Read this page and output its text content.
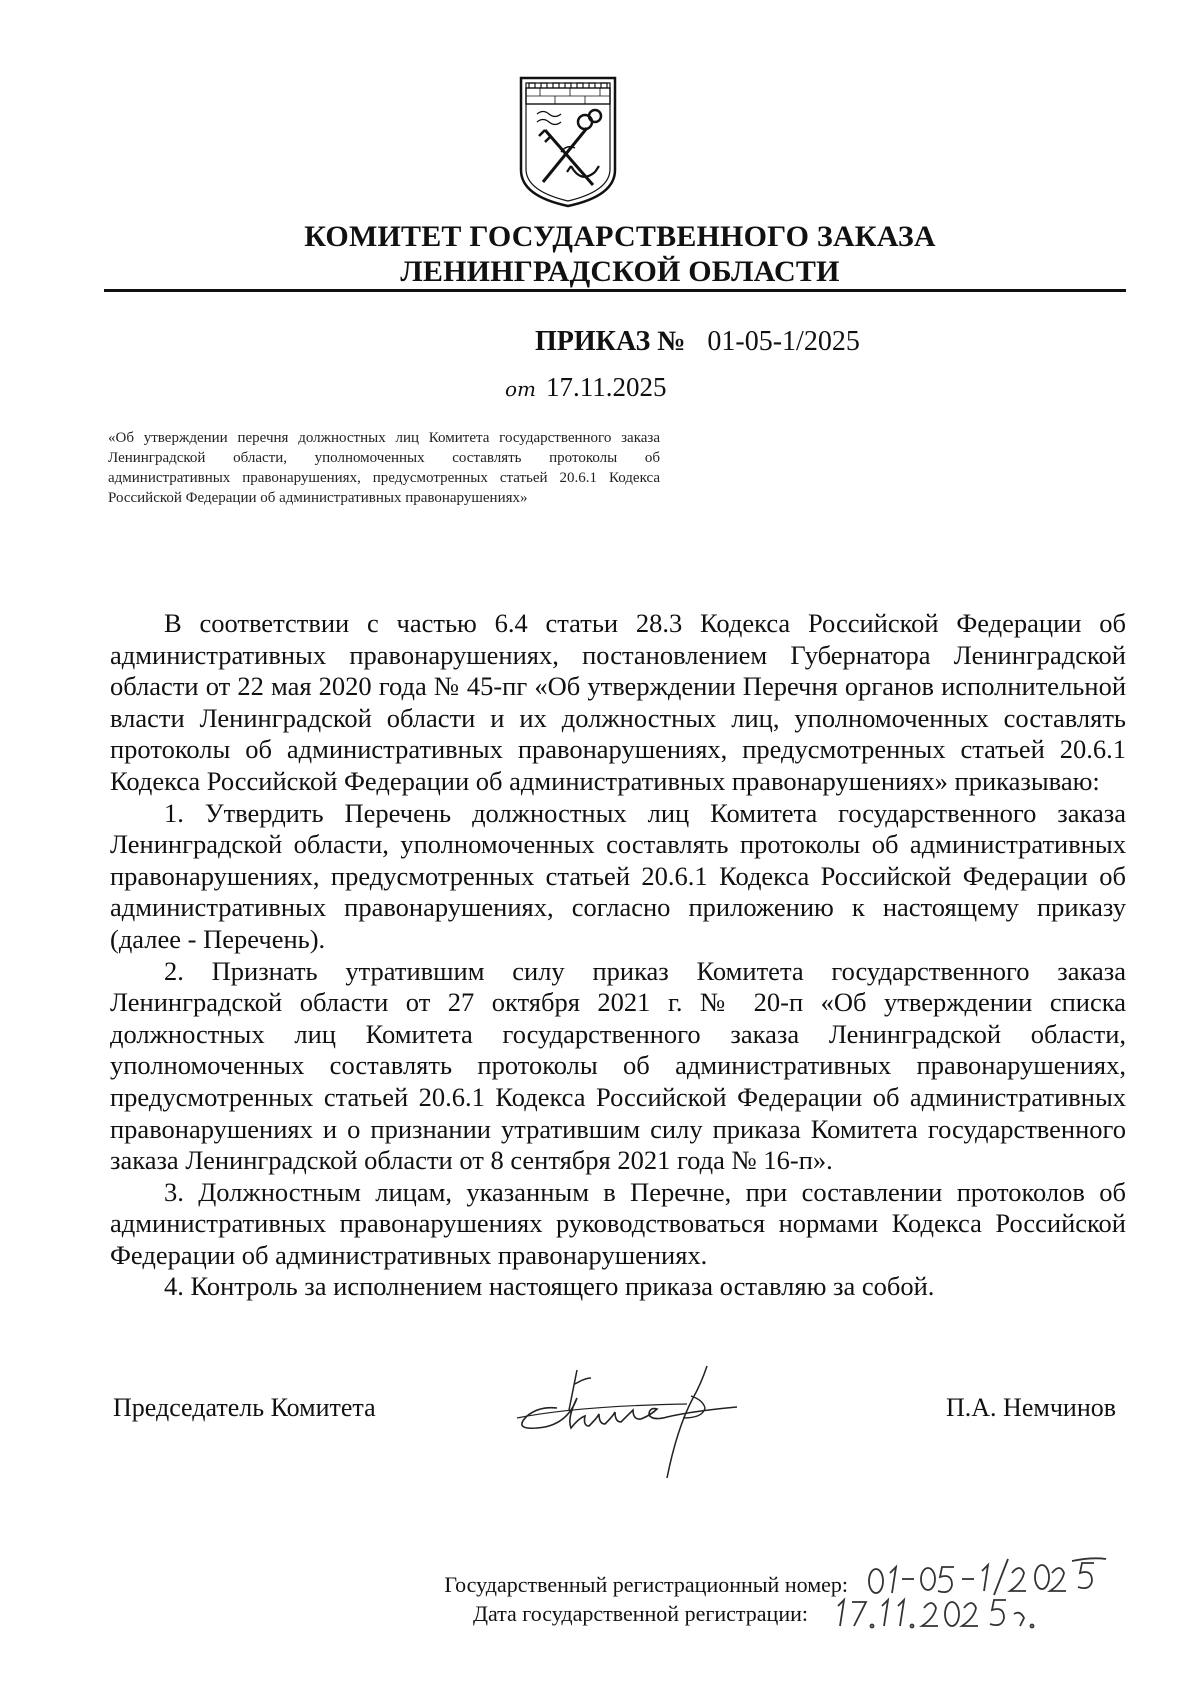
КОМИТЕТ ГОСУДАРСТВЕННОГО ЗАКАЗА
ЛЕНИНГРАДСКОЙ ОБЛАСТИ
ПРИКАЗ № 01-05-1/2025
от 17.11.2025
«Об утверждении перечня должностных лиц Комитета государственного заказа Ленинградской области, уполномоченных составлять протоколы об административных правонарушениях, предусмотренных статьей 20.6.1 Кодекса Российской Федерации об административных правонарушениях»

В соответствии с частью 6.4 статьи 28.3 Кодекса Российской Федерации об административных правонарушениях, постановлением Губернатора Ленинградской области от 22 мая 2020 года № 45-пг «Об утверждении Перечня органов исполнительной власти Ленинградской области и их должностных лиц, уполномоченных составлять протоколы об административных правонарушениях, предусмотренных статьей 20.6.1 Кодекса Российской Федерации об административных правонарушениях» приказываю:

1. Утвердить Перечень должностных лиц Комитета государственного заказа Ленинградской области, уполномоченных составлять протоколы об административных правонарушениях, предусмотренных статьей 20.6.1 Кодекса Российской Федерации об административных правонарушениях, согласно приложению к настоящему приказу (далее - Перечень).

2. Признать утратившим силу приказ Комитета государственного заказа Ленинградской области от 27 октября 2021 г. № 20-п «Об утверждении списка должностных лиц Комитета государственного заказа Ленинградской области, уполномоченных составлять протоколы об административных правонарушениях, предусмотренных статьей 20.6.1 Кодекса Российской Федерации об административных правонарушениях и о признании утратившим силу приказа Комитета государственного заказа Ленинградской области от 8 сентября 2021 года № 16-п».

3. Должностным лицам, указанным в Перечне, при составлении протоколов об административных правонарушениях руководствоваться нормами Кодекса Российской Федерации об административных правонарушениях.

4. Контроль за исполнением настоящего приказа оставляю за собой.

Председатель Комитета	П.А. Немчинов
Государственный регистрационный номер:
Дата государственной регистрации:
